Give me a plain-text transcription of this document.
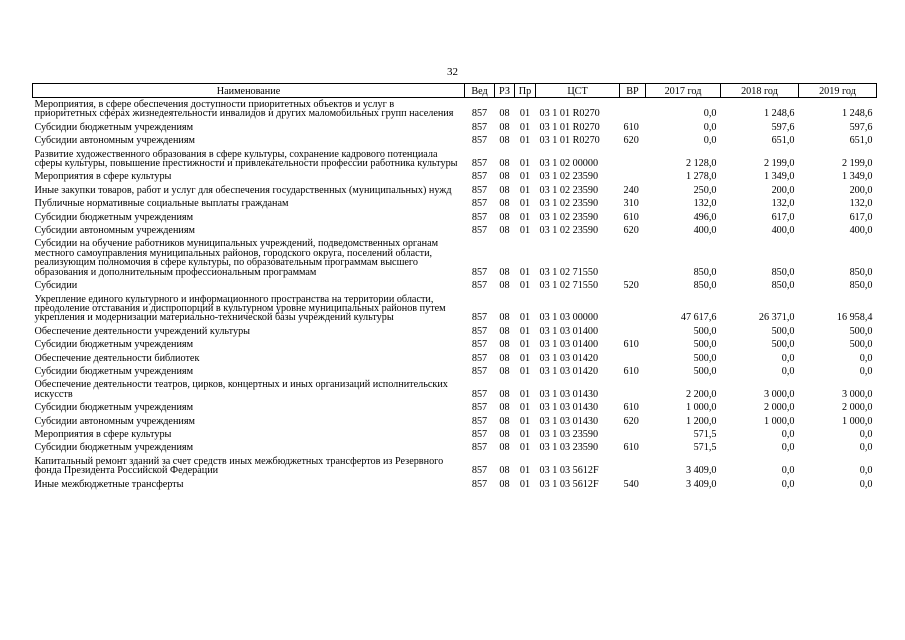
32
Наименование	Вед	РЗ	Пр	ЦСТ	ВР	2017 год	2018 год	2019 год
Мероприятия, в сфере обеспечения доступности приоритетных объектов и услуг в приоритетных сферах жизнедеятельности инвалидов и других маломобильных групп населения	857	08	01	03 1 01 R0270		0,0	1 248,6	1 248,6
Субсидии бюджетным учреждениям	857	08	01	03 1 01 R0270	610	0,0	597,6	597,6
Субсидии автономным учреждениям	857	08	01	03 1 01 R0270	620	0,0	651,0	651,0
Развитие художественного образования в сфере культуры, сохранение кадрового потенциала сферы культуры, повышение престижности и привлекательности профессии работника культуры	857	08	01	03 1 02 00000		2 128,0	2 199,0	2 199,0
Мероприятия в сфере культуры	857	08	01	03 1 02 23590		1 278,0	1 349,0	1 349,0
Иные закупки товаров, работ и услуг для обеспечения государственных (муниципальных) нужд	857	08	01	03 1 02 23590	240	250,0	200,0	200,0
Публичные нормативные социальные выплаты гражданам	857	08	01	03 1 02 23590	310	132,0	132,0	132,0
Субсидии бюджетным учреждениям	857	08	01	03 1 02 23590	610	496,0	617,0	617,0
Субсидии автономным учреждениям	857	08	01	03 1 02 23590	620	400,0	400,0	400,0
Субсидии на обучение работников муниципальных учреждений, подведомственных органам местного самоуправления муниципальных районов, городского округа, поселений области, реализующим полномочия в сфере культуры, по образовательным программам высшего образования и дополнительным профессиональным программам	857	08	01	03 1 02 71550		850,0	850,0	850,0
Субсидии	857	08	01	03 1 02 71550	520	850,0	850,0	850,0
Укрепление единого культурного и информационного пространства на территории области, преодоление отставания и диспропорций в культурном уровне муниципальных районов путем укрепления и модернизации материально-технической базы учреждений культуры	857	08	01	03 1 03 00000		47 617,6	26 371,0	16 958,4
Обеспечение деятельности учреждений культуры	857	08	01	03 1 03 01400		500,0	500,0	500,0
Субсидии бюджетным учреждениям	857	08	01	03 1 03 01400	610	500,0	500,0	500,0
Обеспечение деятельности библиотек	857	08	01	03 1 03 01420		500,0	0,0	0,0
Субсидии бюджетным учреждениям	857	08	01	03 1 03 01420	610	500,0	0,0	0,0
Обеспечение деятельности театров, цирков, концертных и иных организаций исполнительских искусств	857	08	01	03 1 03 01430		2 200,0	3 000,0	3 000,0
Субсидии бюджетным учреждениям	857	08	01	03 1 03 01430	610	1 000,0	2 000,0	2 000,0
Субсидии автономным учреждениям	857	08	01	03 1 03 01430	620	1 200,0	1 000,0	1 000,0
Мероприятия в сфере культуры	857	08	01	03 1 03 23590		571,5	0,0	0,0
Субсидии бюджетным учреждениям	857	08	01	03 1 03 23590	610	571,5	0,0	0,0
Капитальный ремонт зданий за счет средств иных межбюджетных трансфертов из Резервного фонда Президента Российской Федерации	857	08	01	03 1 03 5612F		3 409,0	0,0	0,0
Иные межбюджетные трансферты	857	08	01	03 1 03 5612F	540	3 409,0	0,0	0,0
